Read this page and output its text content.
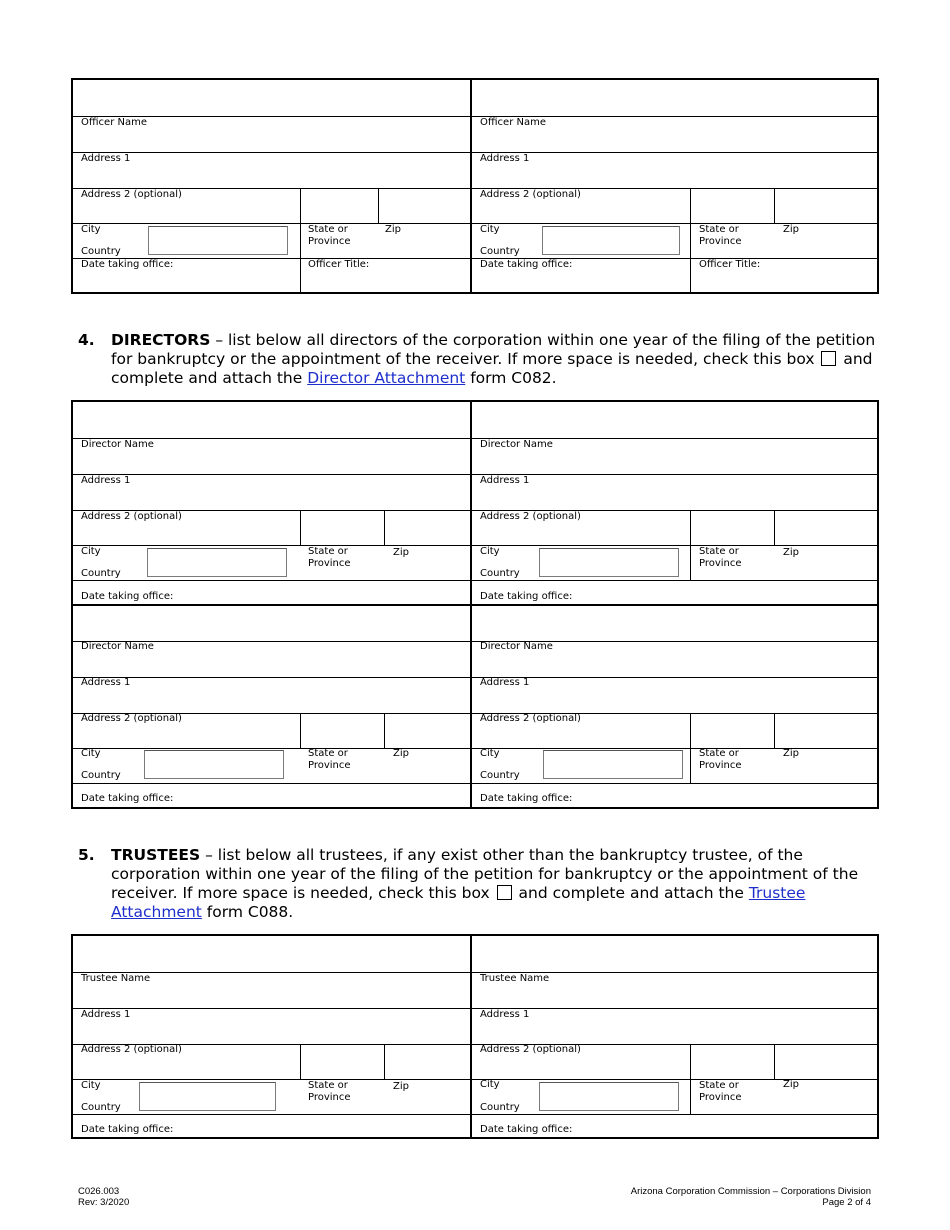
Officer Name
Address 1
Address 2 (optional)
City
Country
State or
Province
Zip
Date taking office:	Officer Title:
Officer Name
Address 1
Address 2 (optional)
City
Country
State or
Province
Zip
Date taking office:	Officer Title:
4. DIRECTORS – list below all directors of the corporation within one year of the filing of the petition for bankruptcy or the appointment of the receiver. If more space is needed, check this box  and complete and attach the Director Attachment form C082.
Director Name
Address 1
Address 2 (optional)
City
Country
State or
Province
Zip
Date taking office:
Director Name
Address 1
Address 2 (optional)
City
Country
State or
Province
Zip
Date taking office:
Director Name
Address 1
Address 2 (optional)
City
Country
State or
Province
Zip
Date taking office:
Director Name
Address 1
Address 2 (optional)
City
Country
State or
Province
Zip
Date taking office:
5. TRUSTEES – list below all trustees, if any exist other than the bankruptcy trustee, of the corporation within one year of the filing of the petition for bankruptcy or the appointment of the receiver. If more space is needed, check this box  and complete and attach the Trustee Attachment form C088.
Trustee Name
Address 1
Address 2 (optional)
City
Country
State or
Province
Zip
Date taking office:
Trustee Name
Address 1
Address 2 (optional)
City
Country
State or
Province
Zip
Date taking office:
C026.003
Rev: 3/2020
Arizona Corporation Commission – Corporations Division
Page 2 of 4
